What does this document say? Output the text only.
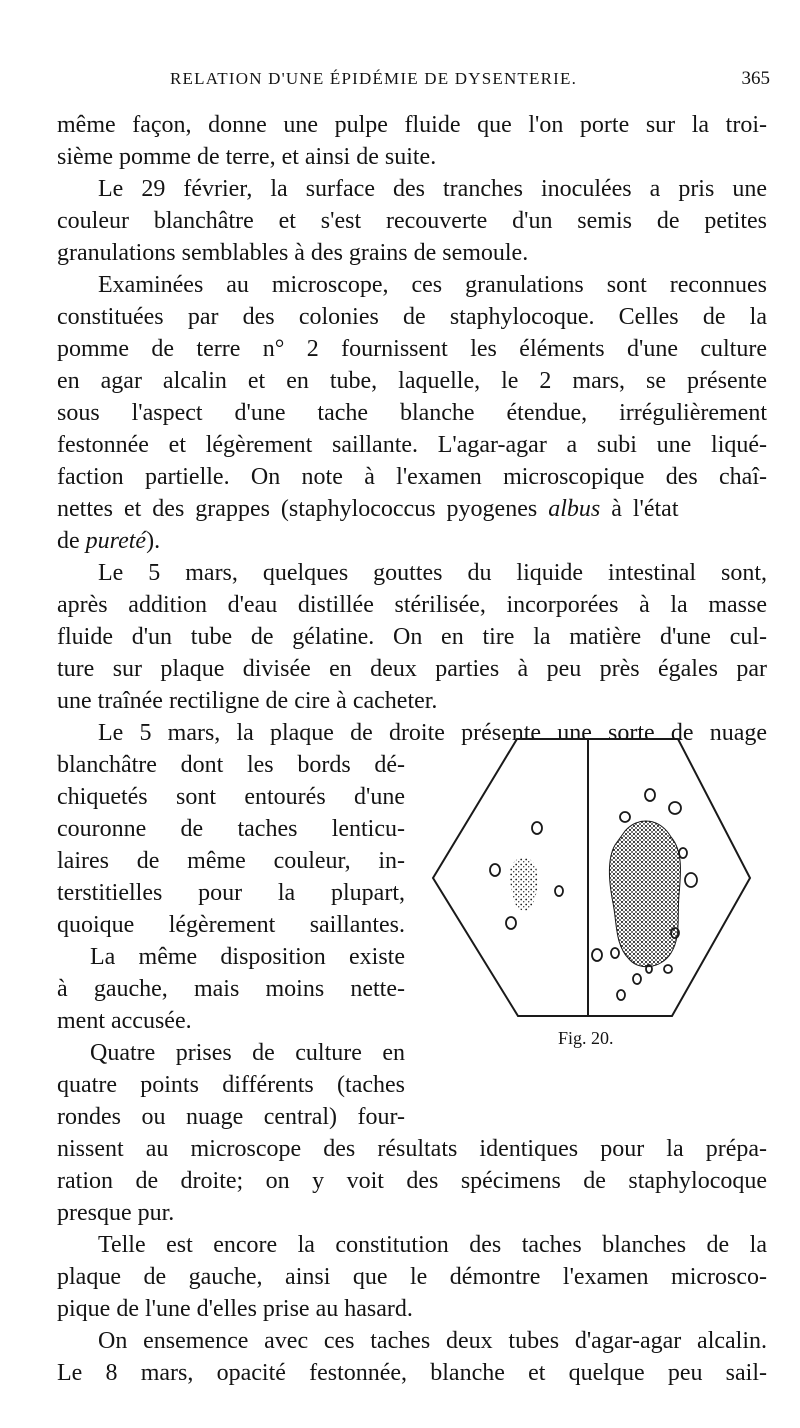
RELATION D'UNE ÉPIDÉMIE DE DYSENTERIE.	365
même façon, donne une pulpe fluide que l'on porte sur la troi-
sième pomme de terre, et ainsi de suite.
Le 29 février, la surface des tranches inoculées a pris une
couleur blanchâtre et s'est recouverte d'un semis de petites
granulations semblables à des grains de semoule.
Examinées au microscope, ces granulations sont reconnues
constituées par des colonies de staphylocoque. Celles de la
pomme de terre n° 2 fournissent les éléments d'une culture
en agar alcalin et en tube, laquelle, le 2 mars, se présente
sous l'aspect d'une tache blanche étendue, irrégulièrement
festonnée et légèrement saillante. L'agar-agar a subi une liqué-
faction partielle. On note à l'examen microscopique des chaî-
nettes et des grappes (staphylococcus pyogenes albus à l'état
de pureté).
Le 5 mars, quelques gouttes du liquide intestinal sont,
après addition d'eau distillée stérilisée, incorporées à la masse
fluide d'un tube de gélatine. On en tire la matière d'une cul-
ture sur plaque divisée en deux parties à peu près égales par
une traînée rectiligne de cire à cacheter.
Le 5 mars, la plaque de droite présente une sorte de nuage
blanchâtre dont les bords dé-
chiquetés sont entourés d'une
couronne de taches lenticu-
laires de même couleur, in-
terstitielles pour la plupart,
quoique légèrement saillantes.
La même disposition existe
à gauche, mais moins nette-
ment accusée.
Quatre prises de culture en
quatre points différents (taches
rondes ou nuage central) four-
nissent au microscope des résultats identiques pour la prépa-
ration de droite; on y voit des spécimens de staphylocoque
presque pur.
Telle est encore la constitution des taches blanches de la
plaque de gauche, ainsi que le démontre l'examen microsco-
pique de l'une d'elles prise au hasard.
On ensemence avec ces taches deux tubes d'agar-agar alcalin.
Le 8 mars, opacité festonnée, blanche et quelque peu sail-
Fig. 20.
